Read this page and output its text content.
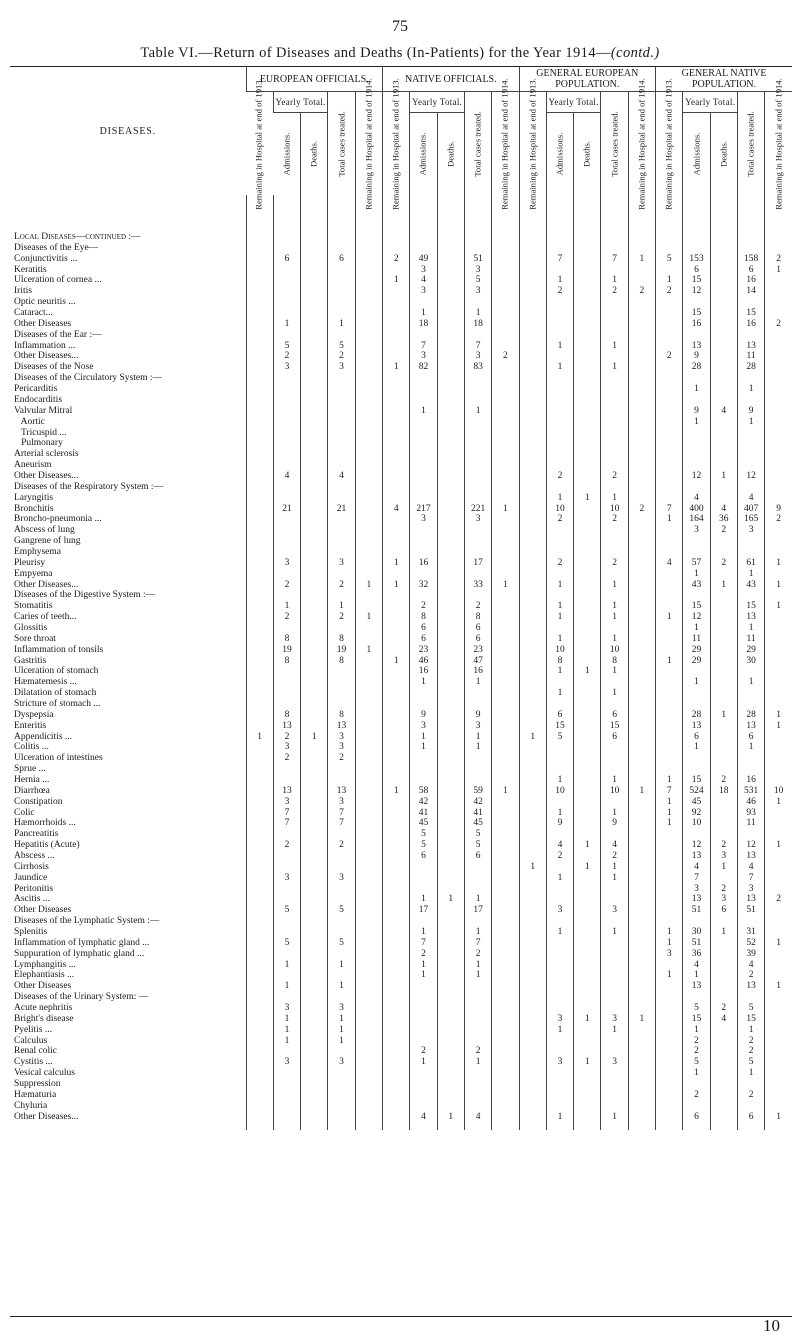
75
Table VI.—Return of Diseases and Deaths (In-Patients) for the Year 1914—(contd.)
DISEASES.	EUROPEAN OFFICIALS.					NATIVE OFFICIALS.					GENERAL EUROPEAN POPULATION.					GENERAL NATIVE POPULATION.				

	Remaining in Hospital at end of 1913.	Yearly Total.		Total cases treated.	Remaining in Hospital at end of 1914.	Remaining in Hospital at end of 1913.	Yearly Total.		Total cases treated.	Remaining in Hospital at end of 1914.	Remaining in Hospital at end of 1913.	Yearly Total.		Total cases treated.	Remaining in Hospital at end of 1914.	Remaining in Hospital at end of 1913.	Yearly Total.		Total cases treated.	Remaining in Hospital at end of 1914.

		Admissions.	Deaths.				Admissions.	Deaths.				Admissions.	Deaths.				Admissions.	Deaths.		

Local Diseases—continued :—																				
Diseases of the Eye—																				
Conjunctivitis ...		6		6		2	49		51			7		7	1	5	153		158	2
Keratitis							3		3								6		6	1
Ulceration of cornea ...						1	4		5			1		1		1	15		16	
Iritis							3		3			2		2	2	2	12		14	
Optic neuritis ...																				
Cataract...							1		1								15		15	
Other Diseases		1		1			18		18								16		16	2
Diseases of the Ear :—																				
Inflammation ...		5		5			7		7			1		1			13		13	
Other Diseases...		2		2			3		3	2						2	9		11	
Diseases of the Nose		3		3		1	82		83			1		1			28		28	
Diseases of the Circulatory System :—																				
Pericarditis																	1		1	
Endocarditis																				
Valvular Mitral							1		1								9	4	9	
Aortic																	1		1	
Tricuspid ...																				
Pulmonary																				
Arterial sclerosis																				
Aneurism																				
Other Diseases...		4		4								2		2			12	1	12	
Diseases of the Respiratory System :—																				
Laryngitis												1	1	1			4		4	
Bronchitis		21		21		4	217		221	1		10		10	2	7	400	4	407	9
Broncho-pneumonia ...							3		3			2		2		1	164	36	165	2
Abscess of lung																	3	2	3	
Gangrene of lung																				
Emphysema																				
Pleurisy		3		3		1	16		17			2		2		4	57	2	61	1
Empyema																	1		1	
Other Diseases...		2		2	1	1	32		33	1		1		1			43	1	43	1
Diseases of the Digestive System :—																				
Stomatitis		1		1			2		2			1		1			15		15	1
Caries of teeth...		2		2	1		8		8			1		1		1	12		13	
Glossitis							6		6								1		1	
Sore throat		8		8			6		6			1		1			11		11	
Inflammation of tonsils		19		19	1		23		23			10		10			29		29	
Gastritis		8		8		1	46		47			8		8		1	29		30	
Ulceration of stomach							16		16			1	1	1						
Hæmatemesis ...							1		1								1		1	
Dilatation of stomach												1		1						
Stricture of stomach ...																				
Dyspepsia		8		8			9		9			6		6			28	1	28	1
Enteritis		13		13			3		3			15		15			13		13	1
Appendicitis ...	1	2	1	3			1		1		1	5		6			6		6	
Colitis ...		3		3			1		1								1		1	
Ulceration of intestines		2		2																
Sprue ...																				
Hernia ...												1		1		1	15	2	16	
Diarrhœa		13		13		1	58		59	1		10		10	1	7	524	18	531	10
Constipation		3		3			42		42							1	45		46	1
Colic		7		7			41		41			1		1		1	92		93	
Hæmorrhoids ...		7		7			45		45			9		9		1	10		11	
Pancreatitis							5		5											
Hepatitis (Acute)		2		2			5		5			4	1	4			12	2	12	1
Abscess ...							6		6			2		2			13	3	13	
Cirrhosis											1		1	1			4	1	4	
Jaundice		3		3								1		1			7		7	
Peritonitis																	3	2	3	
Ascitis ...							1	1	1								13	3	13	2
Other Diseases		5		5			17		17			3		3			51	6	51	
Diseases of the Lymphatic System :—																				
Splenitis							1		1			1		1		1	30	1	31	
Inflammation of lymphatic gland ...		5		5			7		7							1	51		52	1
Suppuration of lymphatic gland ...							2		2							3	36		39	
Lymphangitis ...		1		1			1		1								4		4	
Elephantiasis ...							1		1							1	1		2	
Other Diseases		1		1													13		13	1
Diseases of the Urinary System: —																				
Acute nephritis		3		3													5	2	5	
Bright's disease		1		1								3	1	3	1		15	4	15	
Pyelitis ...		1		1								1		1			1		1	
Calculus		1		1													2		2	
Renal colic							2		2								2		2	
Cystitis ...		3		3			1		1			3	1	3			5		5	
Vesical calculus																	1		1	
Suppression																				
Hæmaturia																	2		2	
Chyluria																				
Other Diseases...							4	1	4			1		1			6		6	1

10
